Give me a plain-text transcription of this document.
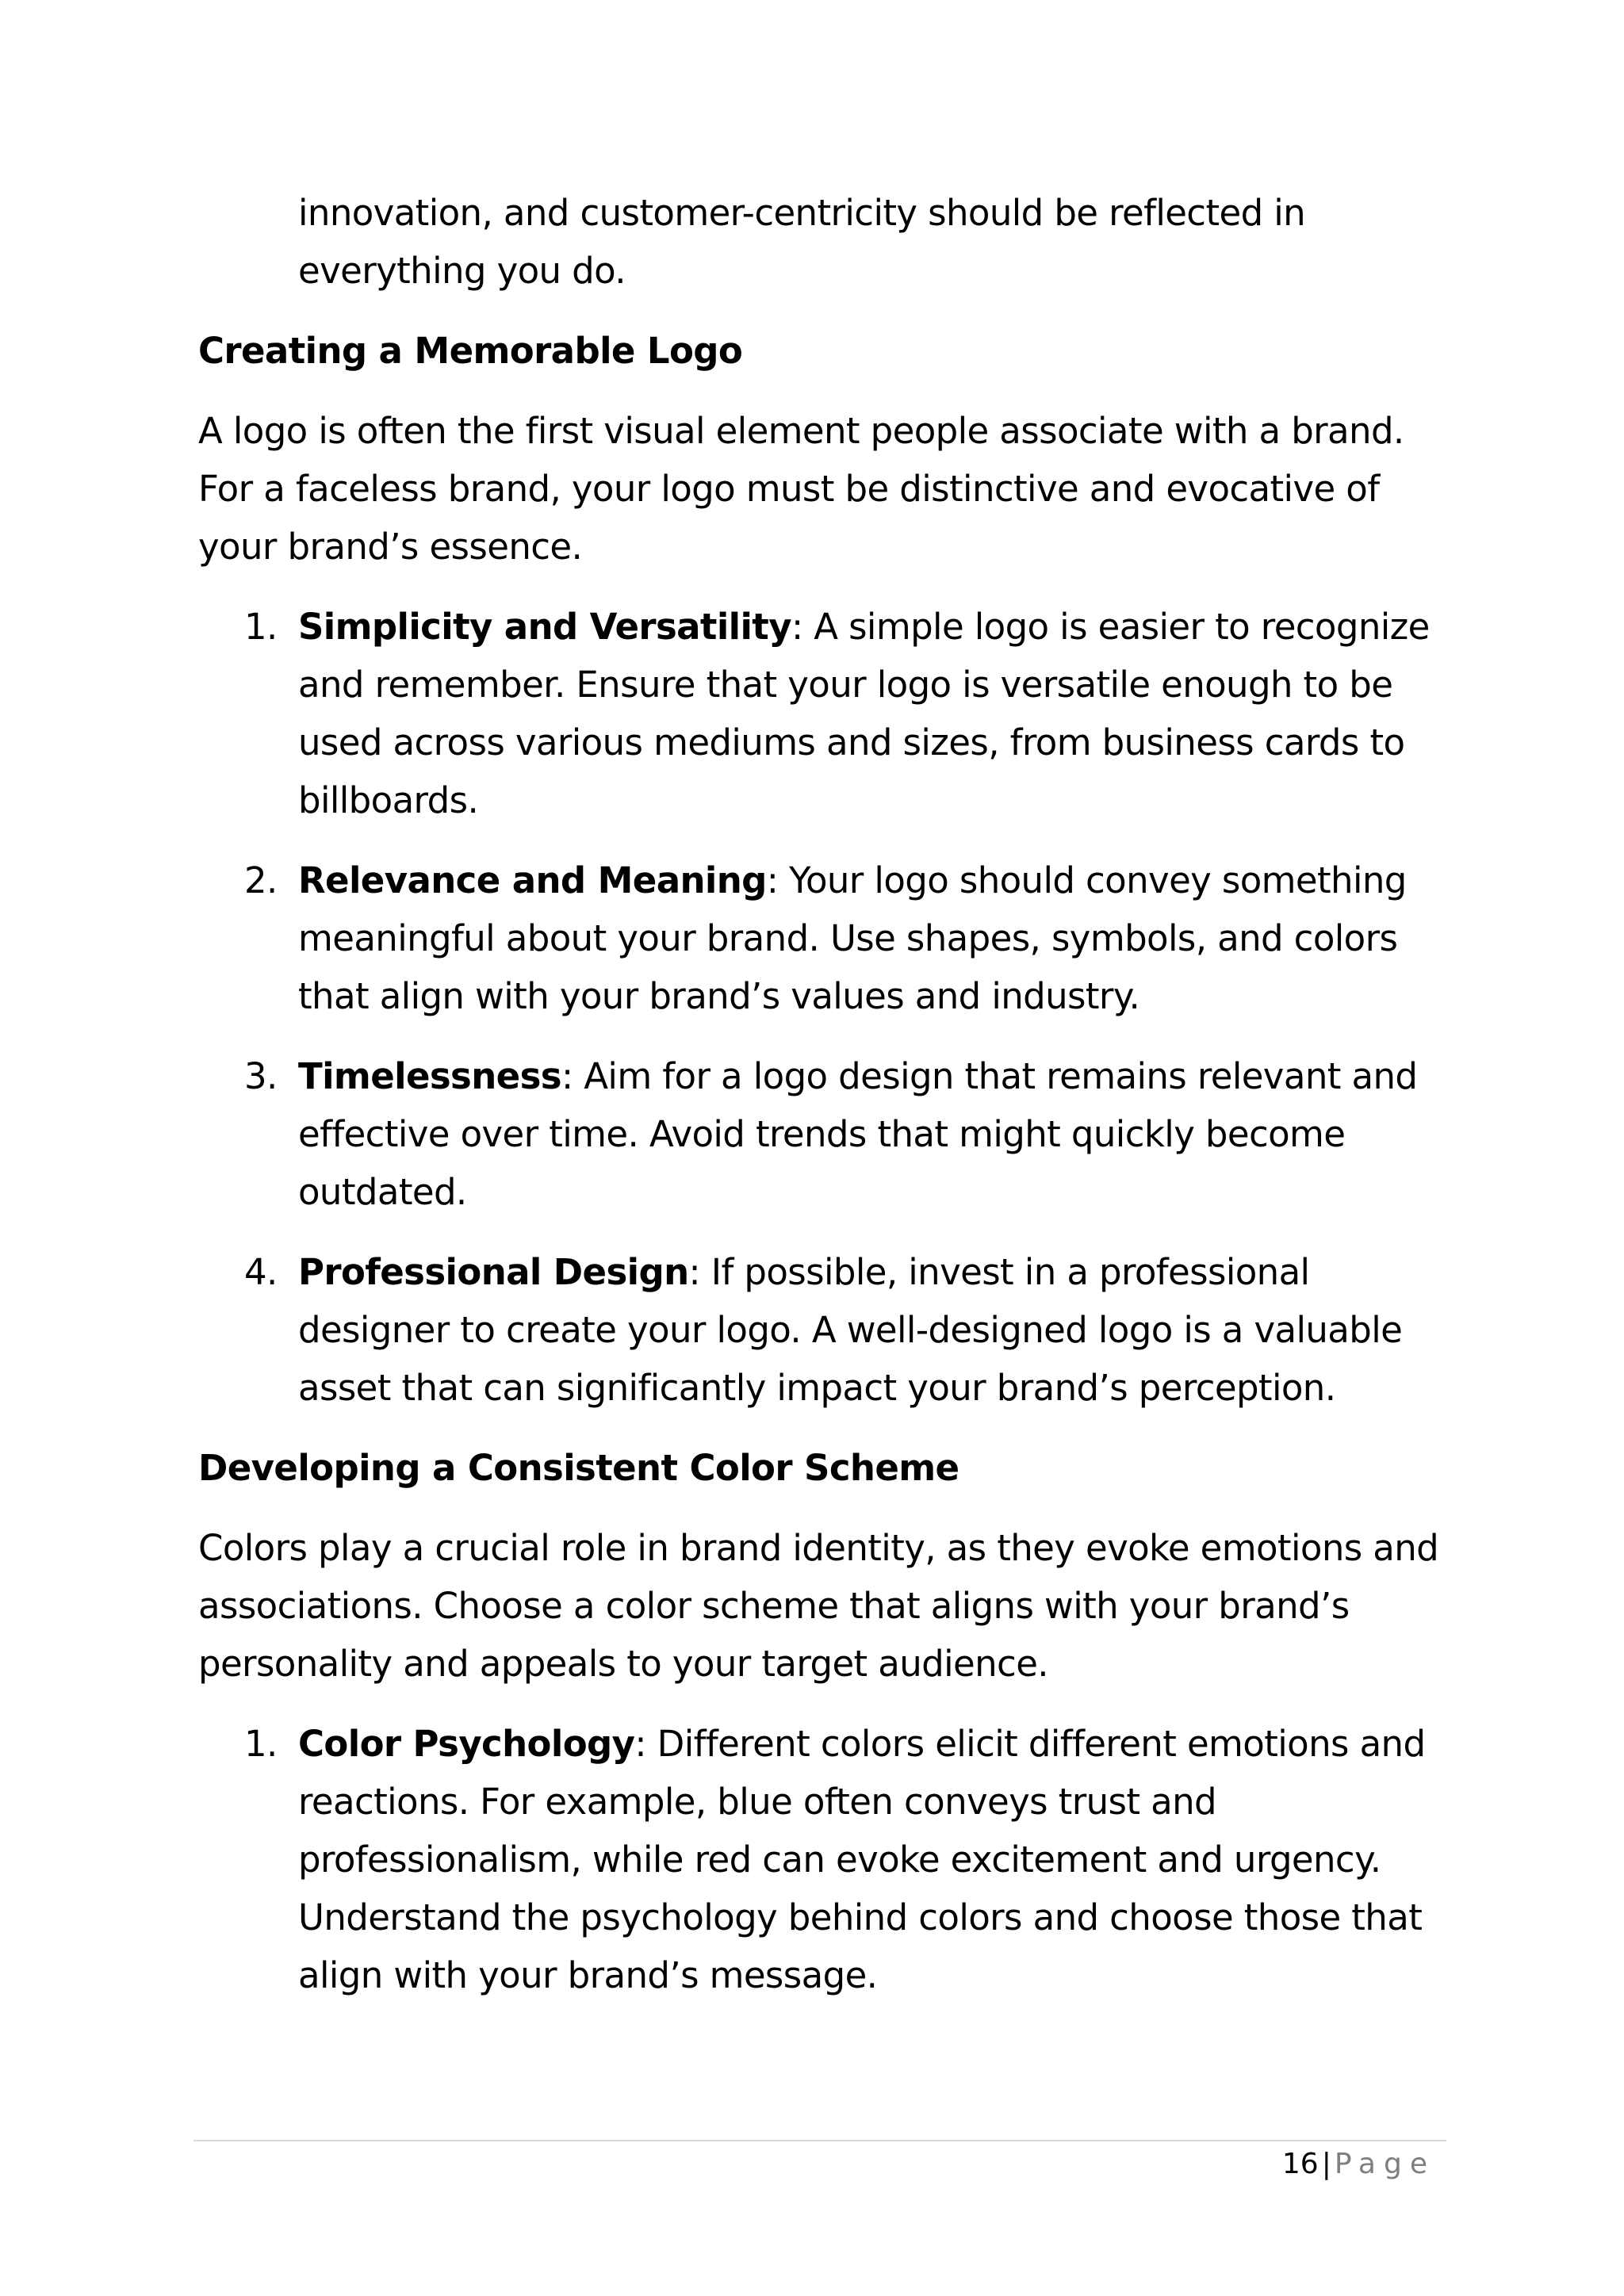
innovation, and customer-centricity should be reflected in everything you do.

Creating a Memorable Logo

A logo is often the first visual element people associate with a brand. For a faceless brand, your logo must be distinctive and evocative of your brand’s essence.

1. Simplicity and Versatility: A simple logo is easier to recognize and remember. Ensure that your logo is versatile enough to be used across various mediums and sizes, from business cards to billboards.
2. Relevance and Meaning: Your logo should convey something meaningful about your brand. Use shapes, symbols, and colors that align with your brand’s values and industry.
3. Timelessness: Aim for a logo design that remains relevant and effective over time. Avoid trends that might quickly become outdated.
4. Professional Design: If possible, invest in a professional designer to create your logo. A well-designed logo is a valuable asset that can significantly impact your brand’s perception.
Developing a Consistent Color Scheme

Colors play a crucial role in brand identity, as they evoke emotions and associations. Choose a color scheme that aligns with your brand’s personality and appeals to your target audience.

1. Color Psychology: Different colors elicit different emotions and reactions. For example, blue often conveys trust and professionalism, while red can evoke excitement and urgency. Understand the psychology behind colors and choose those that align with your brand’s message.
16 | Page
